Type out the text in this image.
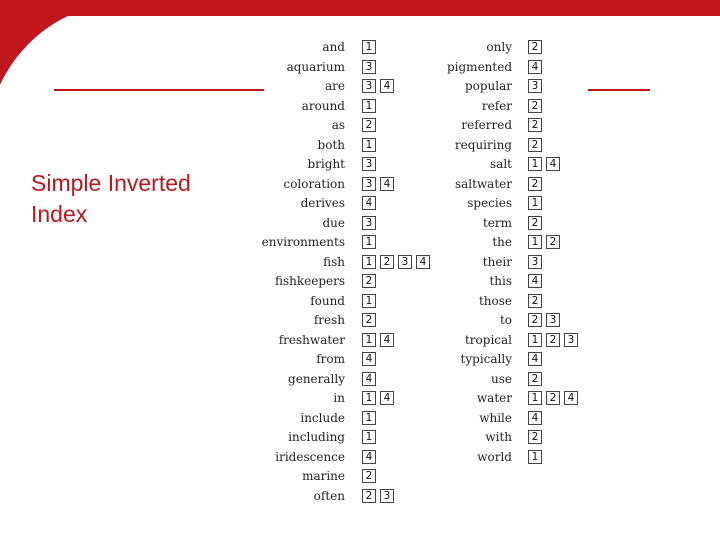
Simple Inverted
Index
and	1
aquarium	3
are	3	4
around	1
as	2
both	1
bright	3
coloration	3	4
derives	4
due	3
environments	1
fish	1	2	3	4
fishkeepers	2
found	1
fresh	2
freshwater	1	4
from	4
generally	4
in	1	4
include	1
including	1
iridescence	4
marine	2
often	2	3
only	2
pigmented	4
popular	3
refer	2
referred	2
requiring	2
salt	1	4
saltwater	2
species	1
term	2
the	1	2
their	3
this	4
those	2
to	2	3
tropical	1	2	3
typically	4
use	2
water	1	2	4
while	4
with	2
world	1
